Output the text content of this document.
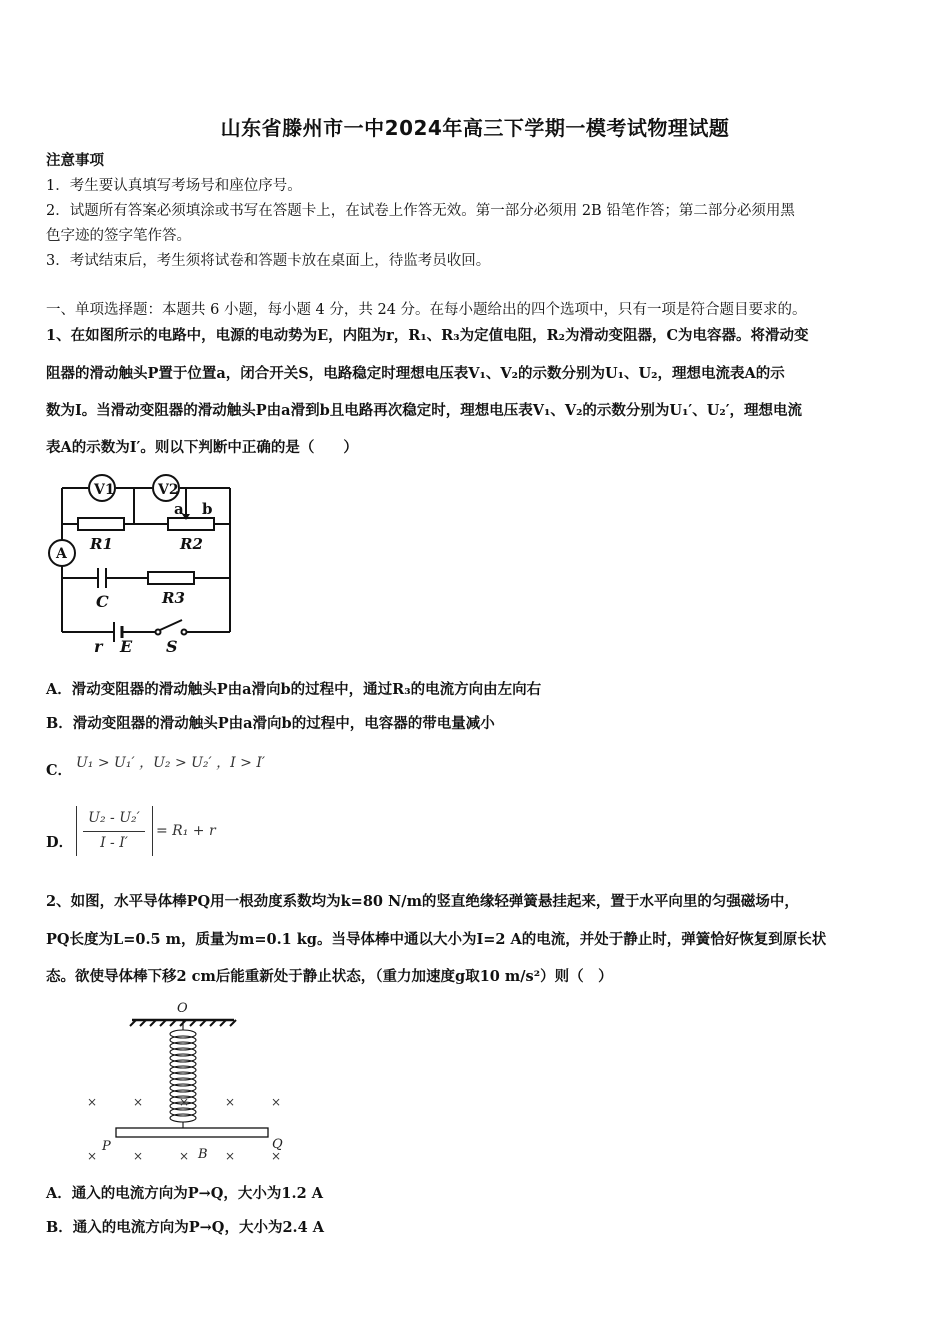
山东省滕州市一中2024年高三下学期一模考试物理试题
注意事项
1．考生要认真填写考场号和座位序号。
2．试题所有答案必须填涂或书写在答题卡上，在试卷上作答无效。第一部分必须用 2B 铅笔作答；第二部分必须用黑
色字迹的签字笔作答。
3．考试结束后，考生须将试卷和答题卡放在桌面上，待监考员收回。
一、单项选择题：本题共 6 小题，每小题 4 分，共 24 分。在每小题给出的四个选项中，只有一项是符合题目要求的。
1、在如图所示的电路中，电源的电动势为E，内阻为r，R₁、R₃为定值电阻，R₂为滑动变阻器，C为电容器。将滑动变
阻器的滑动触头P置于位置a，闭合开关S，电路稳定时理想电压表V₁、V₂的示数分别为U₁、U₂，理想电流表A的示
数为I。当滑动变阻器的滑动触头P由a滑到b且电路再次稳定时，理想电压表V₁、V₂的示数分别为U₁′、U₂′，理想电流
表A的示数为I′。则以下判断中正确的是（　　）
V1	V2
a b
R1	R2
A
C	R3
r E S
A．滑动变阻器的滑动触头P由a滑向b的过程中，通过R₃的电流方向由左向右
B．滑动变阻器的滑动触头P由a滑向b的过程中，电容器的带电量减小
C． U₁ > U₁′ ，U₂ > U₂′ ，I > I′
D．
U₂ - U₂′
I - I′
= R₁ + r
2、如图，水平导体棒PQ用一根劲度系数均为k=80 N/m的竖直绝缘轻弹簧悬挂起来，置于水平向里的匀强磁场中，
PQ长度为L=0.5 m，质量为m=0.1 kg。当导体棒中通以大小为I=2 A的电流，并处于静止时，弹簧恰好恢复到原长状
态。欲使导体棒下移2 cm后能重新处于静止状态，（重力加速度g取10 m/s²）则（　）
O
P	Q
B
×	×	×	×	×
×	×	×	×	×
A．通入的电流方向为P→Q，大小为1.2 A
B．通入的电流方向为P→Q，大小为2.4 A
